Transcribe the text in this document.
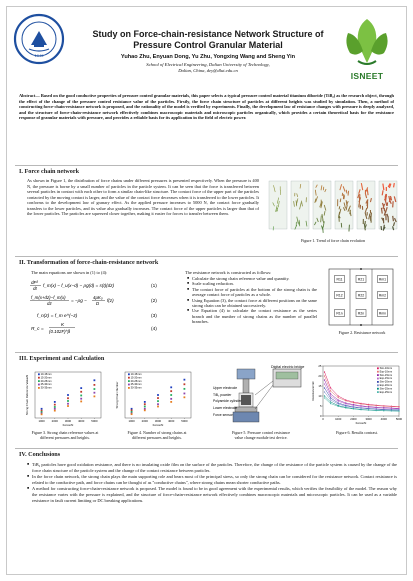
1949
ISNEET
Study on Force-chain-resistance Network Structure of
Pressure Control Granular Material
Yuhao Zhu, Enyuan Dong, Yu Zhu, Yongxing Wang and Sheng Yin
School of Electrical Engineering, Dalian University of Technology,
Dalian, China, dey@dlut.edu.cn
Abstract— Based on the good conductive properties of pressure control granular materials, this paper selects a typical pressure control material titanium diboride (TiB₂) as the research object, through the effect of the change of the pressure control resistance value of the particles. Firstly, the force chain structure of particles at different heights was studied by simulation. Then, a method of constructing force-chain-resistance network is proposed, and the rationality of the model is verified by experiments. Finally, the development law of resistance changes with pressure is deeply analyzed, and the structure of force-chain-resistance network effectively combines macroscopic materials and microscopic particles organically, which provides a certain theoretical basis for the resistance response of granular materials with pressure, and provides a reliable basis for its application in the field of electric power.
I. Force chain network
As shown in Figure 1, the distribution of force chains under different pressures is presented respectively. When the pressure is 400 N, the pressure is borne by a small number of particles in the particle system. It can be seen that the force is transferred between several particles in contact with each other to form a similar chain-like structure. The contact force of the upper part of the particles contacted by the moving contact is larger, and the value of the contact force decreases when it is transferred to the lower particles. It conforms to the development law of granary effect. As the applied pressure increases to 5000 N, the contact force gradually transfers to the lower particles, and its value also gradually increases. The contact force of the upper particles is larger than that of the lower particles. The particles are squeezed closer together, making it easier for forces to transfer between them.
Figure 1. Trend of force chain evolution
II. Transformation of force-chain-resistance network
The main equations are shown in (1) to (4):
dF²
dt
f_m(x) − f_u(x−d) − ρg(d) = s(t)(dz)
f_m(x+dz)−f_m(x)
dz
= −ρg −
4μK₀
D
f(z)
f_n(z) = f_m e^(−z)
R_c =
K
(0.102F)^β
(1)
(2)
(3)
(4)
The resistance network is constructed as follows:
■ Calculate the strong chain reference value and quantity.
■ Scale scaling reduction.
■ The contact force of particles at the bottom of the strong chain is the average contact force of particles as a whole.
■ Using Equation (3), the contact force at different positions on the same strong chain can be obtained successively.
■ Use Equation (4) to calculate the contact resistance as the series branch and the number of strong chains as the number of parallel branches.
R11
R12
R1n
R21
R22
R2n
Rm1
Rm2
Rmn
Figure 2. Resistance network
III. Experiment and Calculation
1000 2000 3000 4000 5000
Force/N
Strong Chain Reference Value/N
10-15mm
15-20mm
20-25mm
25-30mm
30-35mm
Figure 3. Strong chain reference values at
different pressures and heights.
1000 2000 3000 4000 5000
Force/N
Strong Chain Number
10-15mm
15-20mm
20-25mm
25-30mm
30-35mm
Figure 4. Number of strong chains at
different pressures and heights.
Digital electric bridge
Upper electrode
TiB₂ powder
Polyamide cylinder
Lower electrode
Force sensor
Figure 5. Pressure control resistance
value change module test device.
0	1000	2000	3000	4000	5000
0
5
10
15
20
25
Force/N
Resistance/mΩ
Sim-10mm
Exp-10mm
Sim-15mm
Exp-15mm
Sim-20mm
Exp-20mm
Sim-25mm
Exp-25mm
Figure 6. Results contrast.
IV. Conclusions
■ TiB₂ particles have good oxidation resistance, and there is no insulating oxide film on the surface of the particles. Therefore, the change of the resistance of the particle system is caused by the change of the force chain structure of the particle system and the change of the contact resistance between particles.
■ In the force chain network, the strong chain plays the main supporting role and bears most of the principal stress, so only the strong chain can be considered for the resistance network. Contact resistance is related to the conductive path, and force chains can be thought of as "conductive chains", where strong chains mean shorter conductive paths.
■ A method for constructing force-chain-resistance network is proposed. The model is found to be in good agreement with the experimental results, which verifies the feasibility of the model. The reason why the resistance varies with the pressure is explained, and the structure of force-chain-resistance network effectively combines macroscopic materials and microscopic particles. It can be used as a variable resistance in fault current limiting or DC breaking applications.
